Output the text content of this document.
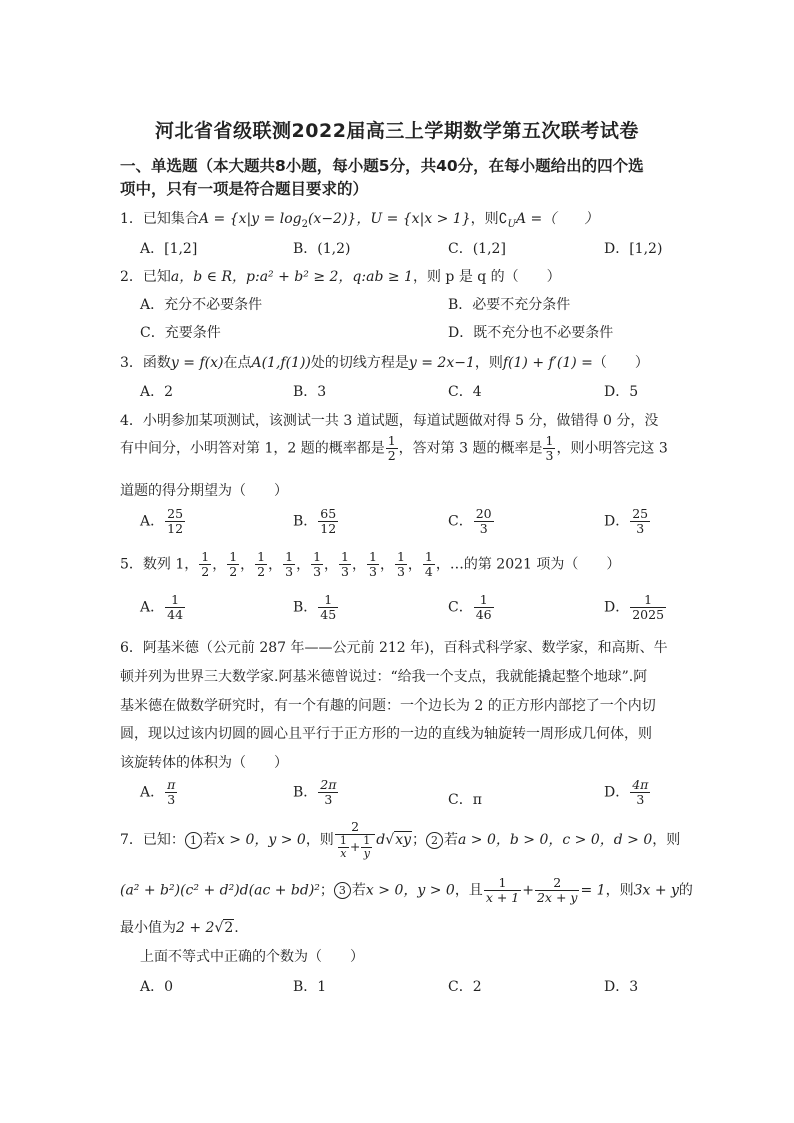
河北省省级联测2022届高三上学期数学第五次联考试卷
一、单选题（本大题共8小题，每小题5分，共40分，在每小题给出的四个选
项中，只有一项是符合题目要求的）
1．已知集合$A = \{x|y = \log_2(x-2)\}$，U = {x|x > 1}，则$∁_UA$ =（　　）
A．[1,2]	B．(1,2)	C．(1,2]	D．[1,2)
2．已知a，b ∈ R，p:a² + b² ≥ 2，q:ab ≥ 1，则 p 是 q 的（　　）
A．充分不必要条件	B．必要不充分条件
C．充要条件	D．既不充分也不必要条件
3．函数y = f(x)在点A(1,f(1))处的切线方程是y = 2x−1，则f(1) + f′(1) =（　　）
A．2	B．3	C．4	D．5
4．小明参加某项测试，该测试一共 3 道试题，每道试题做对得 5 分，做错得 0 分，没
有中间分，小明答对第 1，2 题的概率都是 $\frac{1}{2}$ ，答对第 3 题的概率是 $\frac{1}{3}$ ，则小明答完这 3
道题的得分期望为（　　）
A． $\frac{25}{12}$	B． $\frac{65}{12}$	C． $\frac{20}{3}$	D． $\frac{25}{3}$
5．数列 1， $\frac{1}{2}$ ， $\frac{1}{2}$ ， $\frac{1}{2}$ ， $\frac{1}{3}$ ， $\frac{1}{3}$ ， $\frac{1}{3}$ ， $\frac{1}{3}$ ， $\frac{1}{3}$ ， $\frac{1}{4}$ ，…的第 2021 项为（　　）
A． $\frac{1}{44}$	B． $\frac{1}{45}$	C． $\frac{1}{46}$	D． $\frac{1}{2025}$
6．阿基米德（公元前 287 年——公元前 212 年)，百科式科学家、数学家，和高斯、牛
顿并列为世界三大数学家.阿基米德曾说过：“给我一个支点，我就能撬起整个地球”.阿
基米德在做数学研究时，有一个有趣的问题：一个边长为 2 的正方形内部挖了一个内切
圆，现以过该内切圆的圆心且平行于正方形的一边的直线为轴旋转一周形成几何体，则
该旋转体的体积为（　　）
A． $\frac{\pi}{3}$	B． $\frac{2\pi}{3}$	C．π	D． $\frac{4\pi}{3}$
7．已知： 1 若x > 0，y > 0，则 $\frac{2}{\frac{1}{x} + \frac{1}{y}} d√xy$； 2 若a > 0，b > 0，c > 0，d > 0，则
(a² + b²)(c² + d²)d(ac + bd)²； 3 若x > 0，y > 0，且 $\frac{1}{x + 1} + \frac{2}{2x + y} = 1$，则3x + y的
最小值为2 + 2√2.
上面不等式中正确的个数为（　　）
A．0	B．1	C．2	D．3
